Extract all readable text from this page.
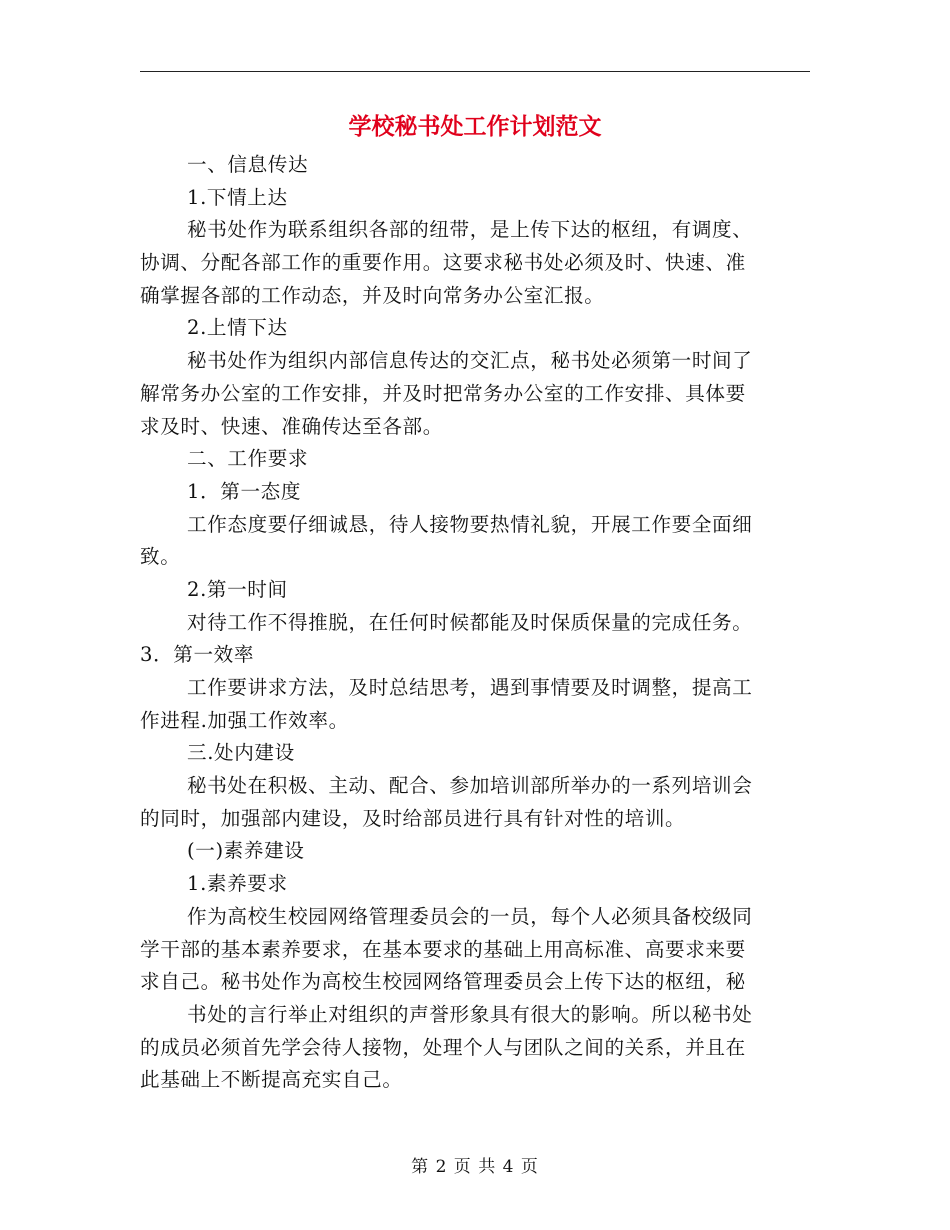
学校秘书处工作计划范文
一、信息传达
1.下情上达
秘书处作为联系组织各部的纽带，是上传下达的枢纽，有调度、
协调、分配各部工作的重要作用。这要求秘书处必须及时、快速、准
确掌握各部的工作动态，并及时向常务办公室汇报。
2.上情下达
秘书处作为组织内部信息传达的交汇点，秘书处必须第一时间了
解常务办公室的工作安排，并及时把常务办公室的工作安排、具体要
求及时、快速、准确传达至各部。
二、工作要求
1．第一态度
工作态度要仔细诚恳，待人接物要热情礼貌，开展工作要全面细
致。
2.第一时间
对待工作不得推脱，在任何时候都能及时保质保量的完成任务。
3．第一效率
工作要讲求方法，及时总结思考，遇到事情要及时调整，提高工
作进程.加强工作效率。
三.处内建设
秘书处在积极、主动、配合、参加培训部所举办的一系列培训会
的同时，加强部内建设，及时给部员进行具有针对性的培训。
(一)素养建设
1.素养要求
作为高校生校园网络管理委员会的一员，每个人必须具备校级同
学干部的基本素养要求，在基本要求的基础上用高标准、高要求来要
求自己。秘书处作为高校生校园网络管理委员会上传下达的枢纽，秘
书处的言行举止对组织的声誉形象具有很大的影响。所以秘书处
的成员必须首先学会待人接物，处理个人与团队之间的关系，并且在
此基础上不断提高充实自己。
第 2 页 共 4 页
